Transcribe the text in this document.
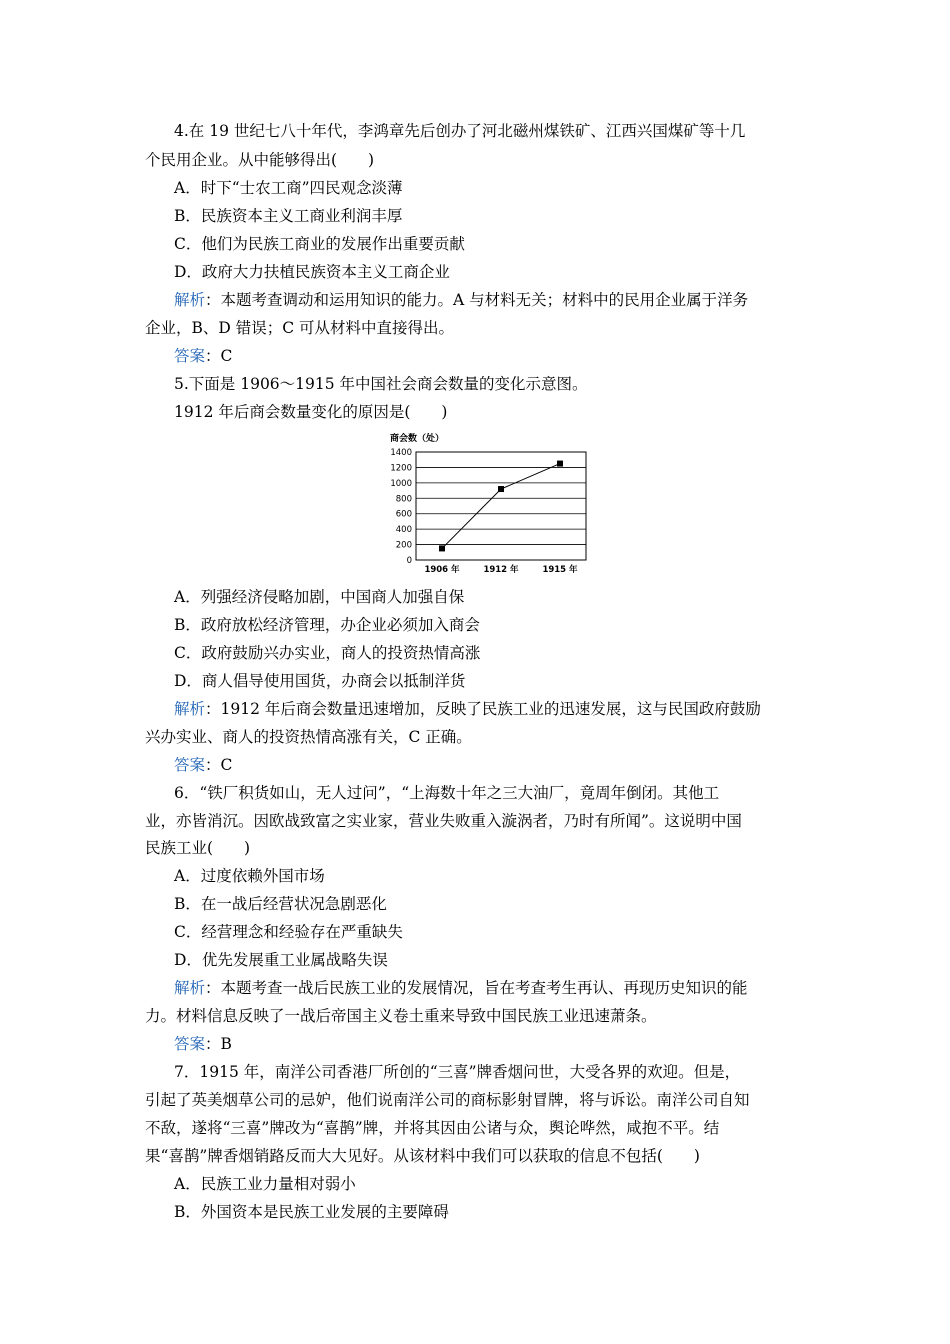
4.在 19 世纪七八十年代，李鸿章先后创办了河北磁州煤铁矿、江西兴国煤矿等十几
个民用企业。从中能够得出(　　)
A．时下“士农工商”四民观念淡薄
B．民族资本主义工商业利润丰厚
C．他们为民族工商业的发展作出重要贡献
D．政府大力扶植民族资本主义工商企业
解析：本题考查调动和运用知识的能力。A 与材料无关；材料中的民用企业属于洋务
企业，B、D 错误；C 可从材料中直接得出。
答案：C
5.下面是 1906～1915 年中国社会商会数量的变化示意图。
1912 年后商会数量变化的原因是(　　)
商会数（处）
1400
1200
1000
800
600
400
200
0
1906 年	1912 年	1915 年
A．列强经济侵略加剧，中国商人加强自保
B．政府放松经济管理，办企业必须加入商会
C．政府鼓励兴办实业，商人的投资热情高涨
D．商人倡导使用国货，办商会以抵制洋货
解析：1912 年后商会数量迅速增加，反映了民族工业的迅速发展，这与民国政府鼓励
兴办实业、商人的投资热情高涨有关，C 正确。
答案：C
6．“铁厂积货如山，无人过问”，“上海数十年之三大油厂，竟周年倒闭。其他工
业，亦皆消沉。因欧战致富之实业家，营业失败重入漩涡者，乃时有所闻”。这说明中国
民族工业(　　)
A．过度依赖外国市场
B．在一战后经营状况急剧恶化
C．经营理念和经验存在严重缺失
D．优先发展重工业属战略失误
解析：本题考查一战后民族工业的发展情况，旨在考查考生再认、再现历史知识的能
力。材料信息反映了一战后帝国主义卷土重来导致中国民族工业迅速萧条。
答案：B
7．1915 年，南洋公司香港厂所创的“三喜”牌香烟问世，大受各界的欢迎。但是，
引起了英美烟草公司的忌妒，他们说南洋公司的商标影射冒牌，将与诉讼。南洋公司自知
不敌，遂将“三喜”牌改为“喜鹊”牌，并将其因由公诸与众，舆论哗然，咸抱不平。结
果“喜鹊”牌香烟销路反而大大见好。从该材料中我们可以获取的信息不包括(　　)
A．民族工业力量相对弱小
B．外国资本是民族工业发展的主要障碍
